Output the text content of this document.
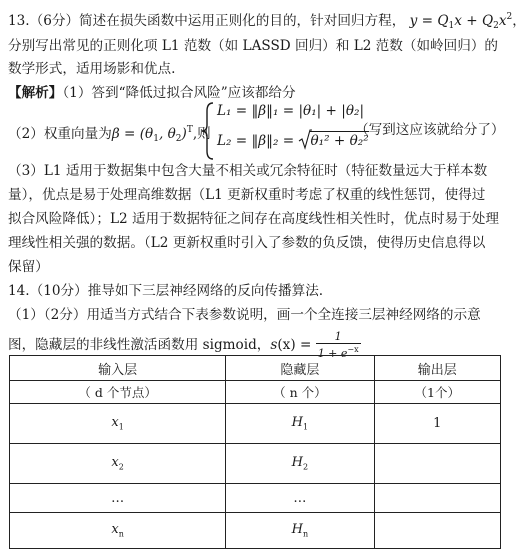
13.（6分）简述在损失函数中运用正则化的目的，针对回归方程， $y = Q_1x + Q_2x^2$，
分别写出常见的正则化项 L1 范数（如 LASSD 回归）和 L2 范数（如岭回归）的
数学形式，适用场影和优点.
【解析】（1）答到“降低过拟合风险”应该都给分
（2）权重向量为$\beta = (\theta_1$, $\theta_2)^T$,则
L₁ = ‖β‖₁ = |θ₁| + |θ₂|
L₂ = ‖β‖₂ =
θ₁² + θ₂²
（写到这应该就给分了）
（3）L1 适用于数据集中包含大量不相关或冗余特征时（特征数量远大于样本数
量），优点是易于处理高维数据（L1 更新权重时考虑了权重的线性惩罚，使得过
拟合风险降低）；L2 适用于数据特征之间存在高度线性相关性时，优点时易于处理
理线性相关强的数据。（L2 更新权重时引入了参数的负反馈，使得历史信息得以
保留）
14.（10分）推导如下三层神经网络的反向传播算法.
（1）（2分）用适当方式结合下表参数说明，画一个全连接三层神经网络的示意
图，隐藏层的非线性激活函数用 sigmoid，$s(x) = \frac{1}{1 + e^{-x}}$
输入层	隐藏层	输出层
（ d 个节点）	（ n 个）	（1个）
$x_1$	$H_1$	1
$x_2$	$H_2$	
…	…	
$x_n$	$H_n$	
